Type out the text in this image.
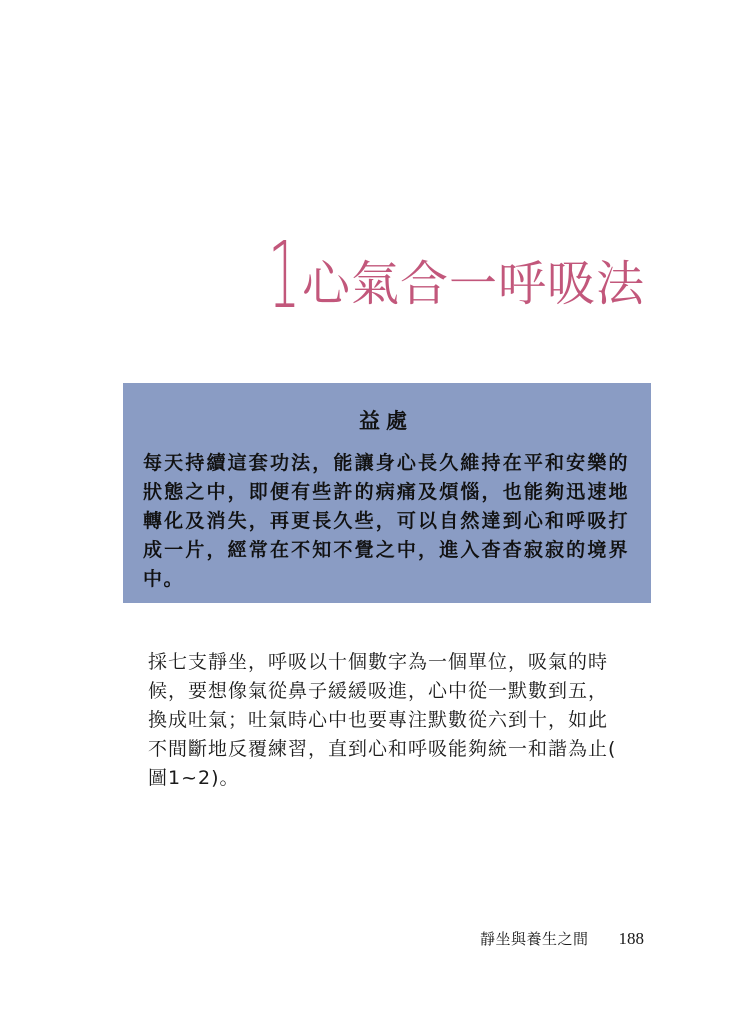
1 心氣合一呼吸法
益處
每天持續這套功法，能讓身心長久維持在平和安樂的狀態之中，即便有些許的病痛及煩惱，也能夠迅速地轉化及消失，再更長久些，可以自然達到心和呼吸打成一片，經常在不知不覺之中，進入杳杳寂寂的境界中。
採七支靜坐，呼吸以十個數字為一個單位，吸氣的時
候，要想像氣從鼻子緩緩吸進，心中從一默數到五，
換成吐氣；吐氣時心中也要專注默數從六到十，如此
不間斷地反覆練習，直到心和呼吸能夠統一和諧為止(
圖1~2)。
靜坐與養生之間 188
